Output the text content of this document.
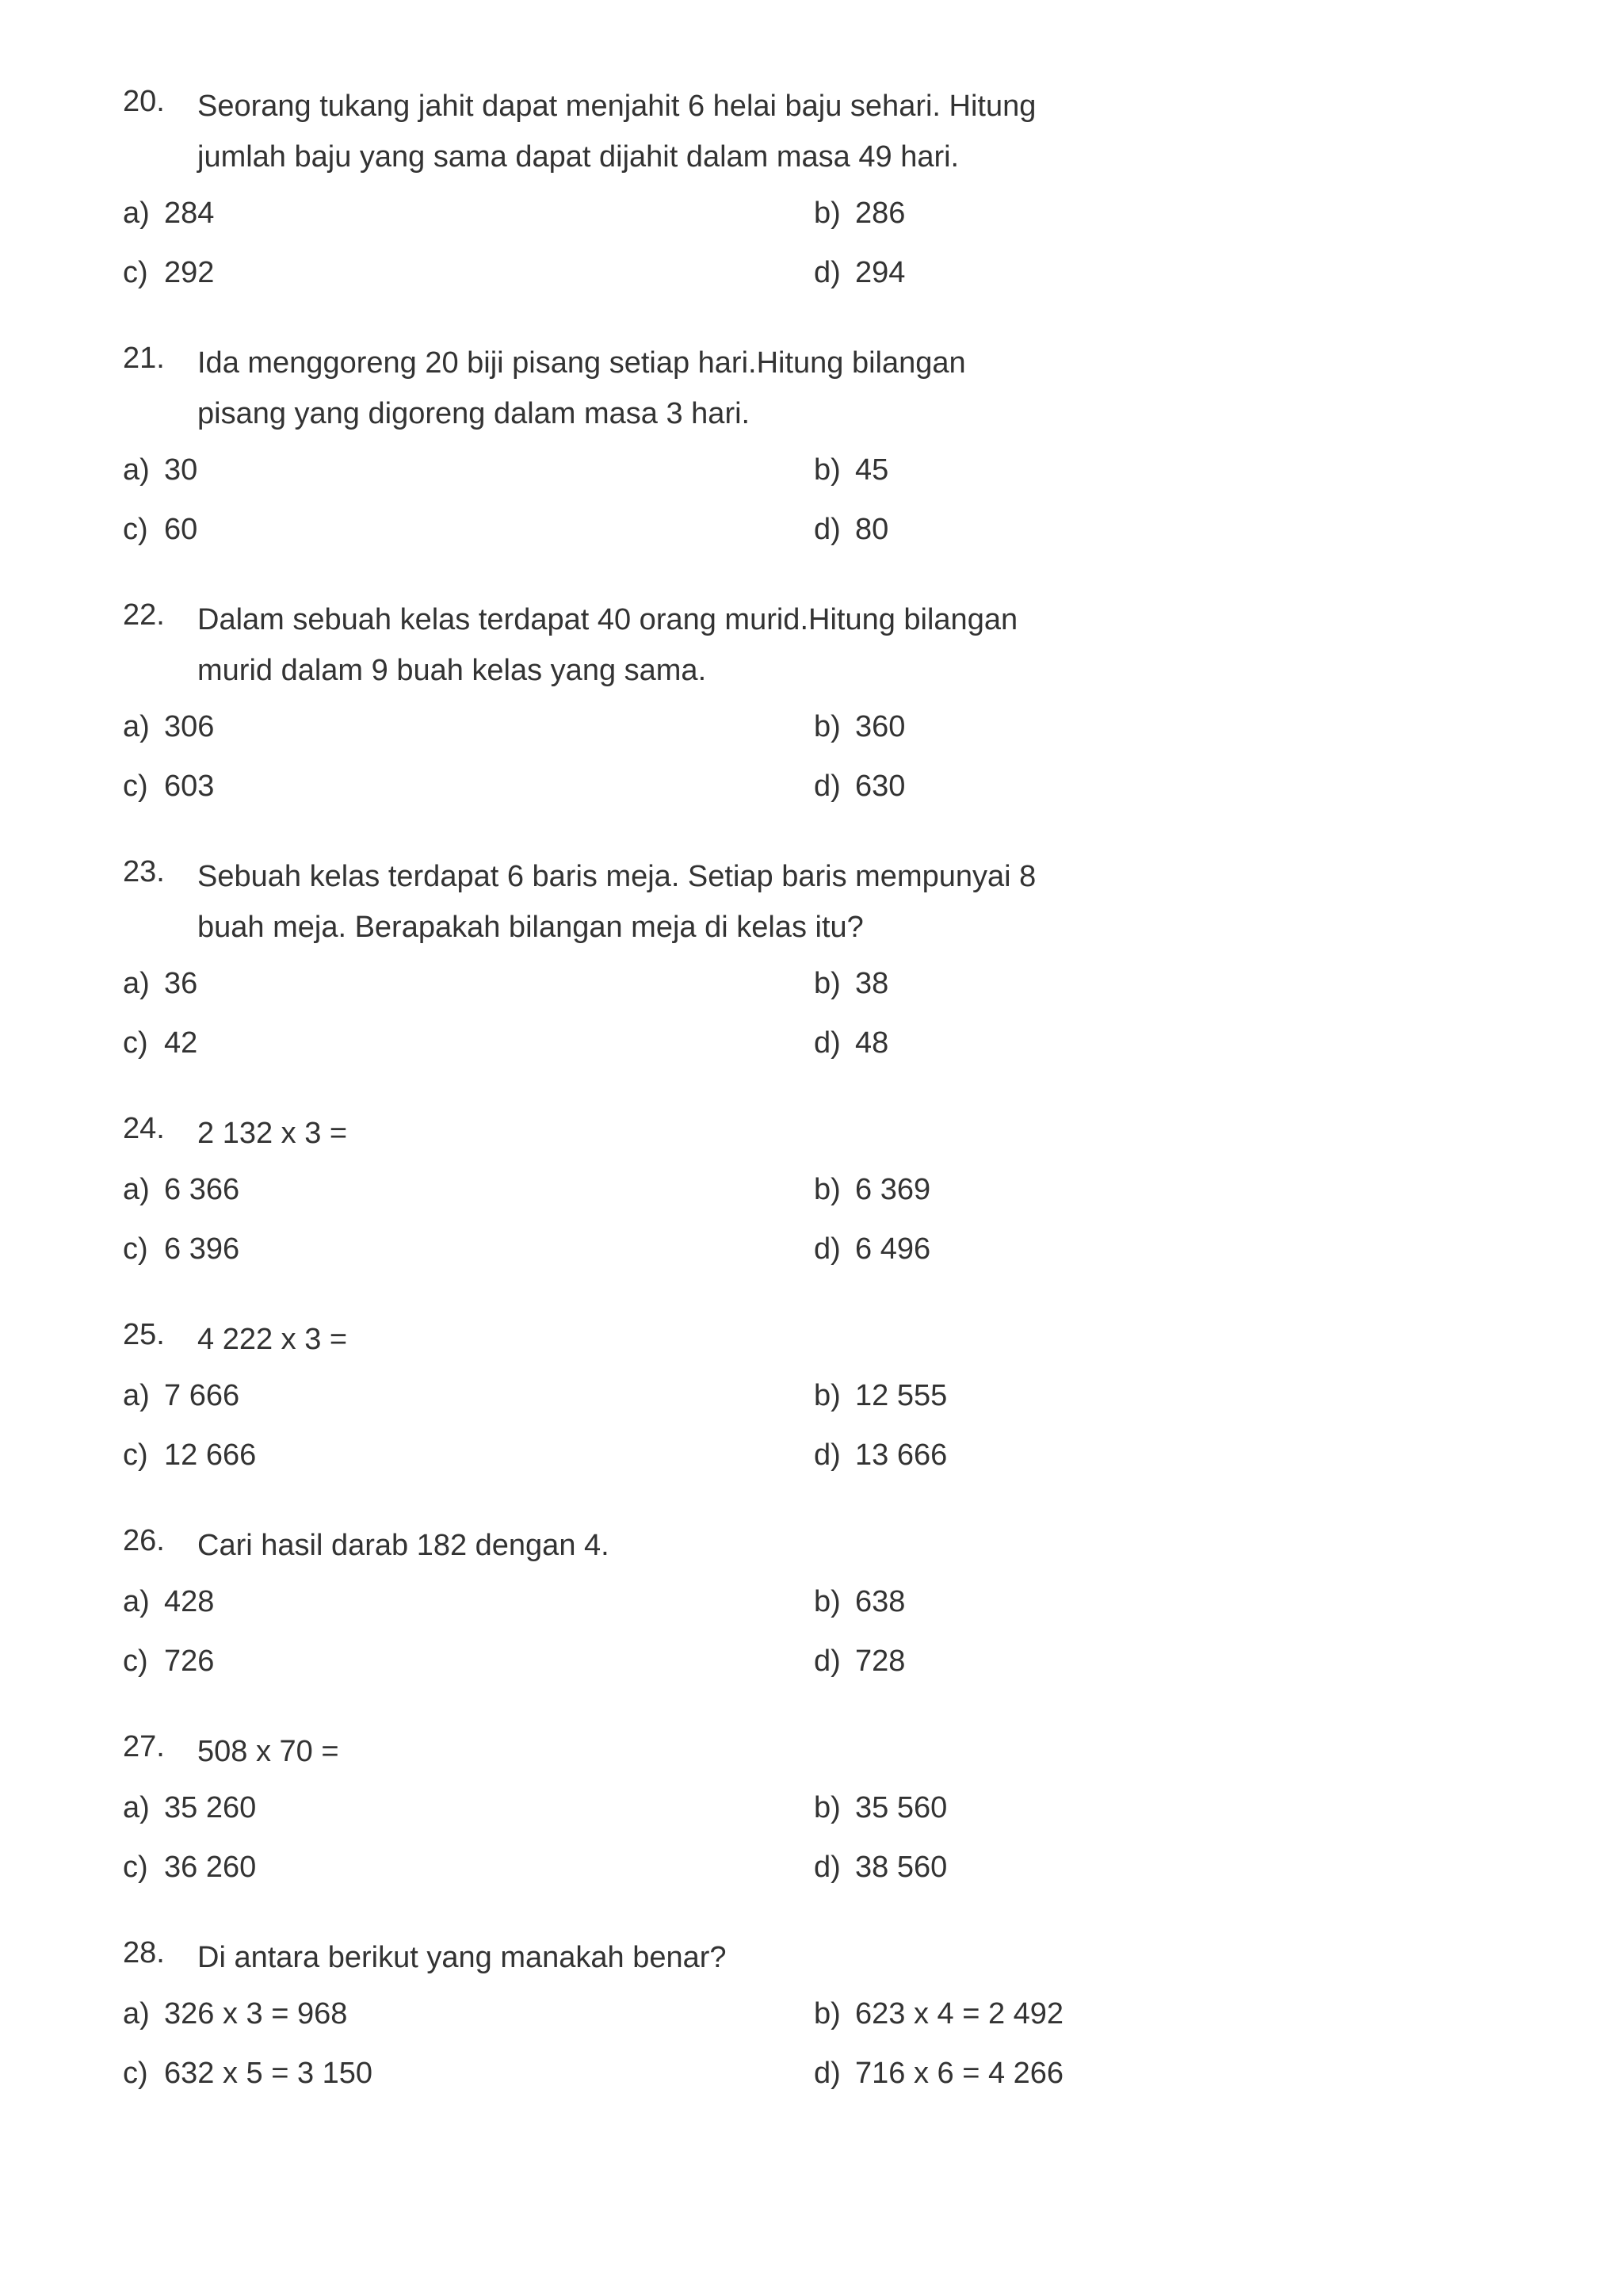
20. Seorang tukang jahit dapat menjahit 6 helai baju sehari. Hitung
jumlah baju yang sama dapat dijahit dalam masa 49 hari.
a) 284	b) 286
c) 292	d) 294
21. Ida menggoreng 20 biji pisang setiap hari.Hitung bilangan
pisang yang digoreng dalam masa 3 hari.
a) 30	b) 45
c) 60	d) 80
22. Dalam sebuah kelas terdapat 40 orang murid.Hitung bilangan
murid dalam 9 buah kelas yang sama.
a) 306	b) 360
c) 603	d) 630
23. Sebuah kelas terdapat 6 baris meja. Setiap baris mempunyai 8
buah meja. Berapakah bilangan meja di kelas itu?
a) 36	b) 38
c) 42	d) 48
24. 2 132 x 3 =
a) 6 366	b) 6 369
c) 6 396	d) 6 496
25. 4 222 x 3 =
a) 7 666	b) 12 555
c) 12 666	d) 13 666
26. Cari hasil darab 182 dengan 4.
a) 428	b) 638
c) 726	d) 728
27. 508 x 70 =
a) 35 260	b) 35 560
c) 36 260	d) 38 560
28. Di antara berikut yang manakah benar?
a) 326 x 3 = 968	b) 623 x 4 = 2 492
c) 632 x 5 = 3 150	d) 716 x 6 = 4 266
